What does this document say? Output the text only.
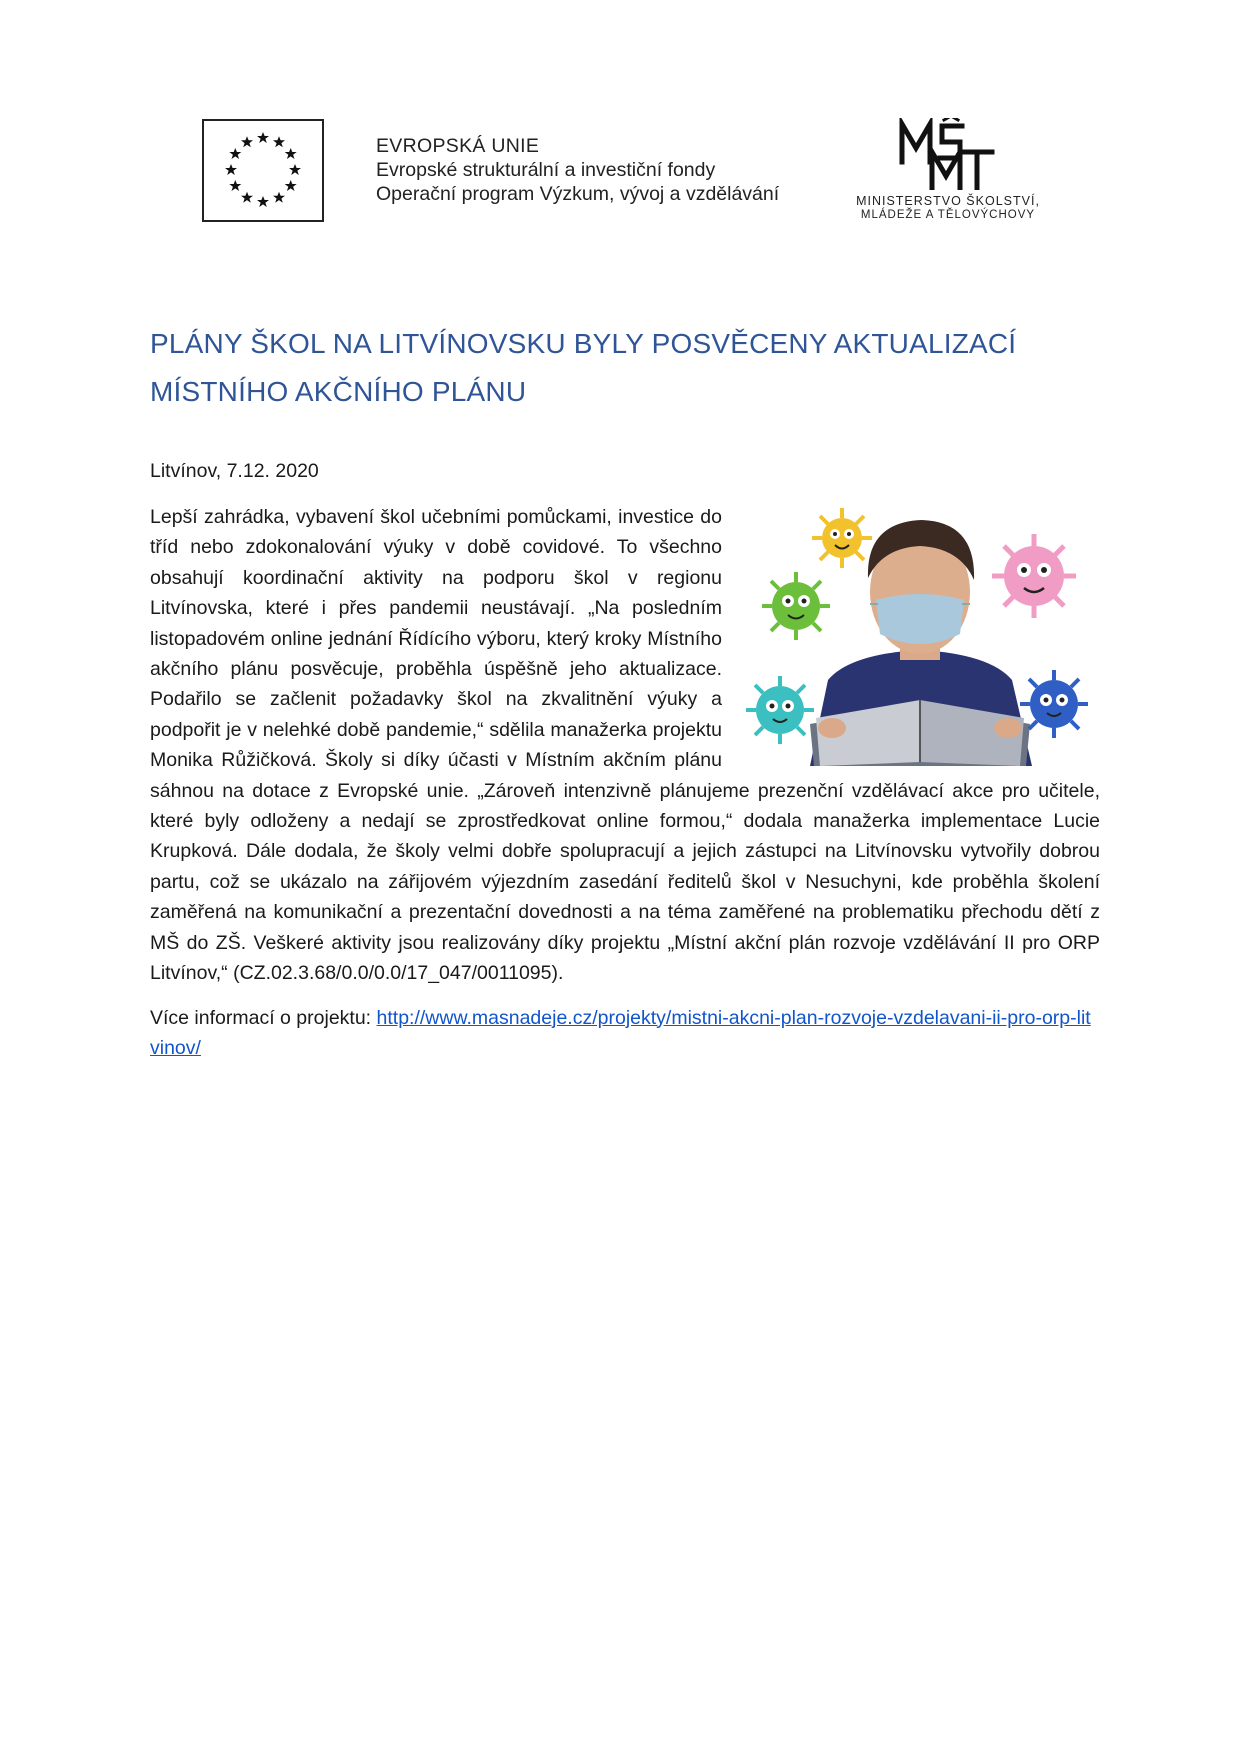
EVROPSKÁ UNIE
Evropské strukturální a investiční fondy
Operační program Výzkum, vývoj a vzdělávání	MINISTERSTVO ŠKOLSTVÍ,
MLÁDEŽE A TĚLOVÝCHOVY
PLÁNY ŠKOL NA LITVÍNOVSKU BYLY POSVĚCENY AKTUALIZACÍ
MÍSTNÍHO AKČNÍHO PLÁNU
Litvínov, 7.12. 2020

Lepší zahrádka, vybavení škol učebními pomůckami, investice do tříd nebo zdokonalování výuky v době covidové. To všechno obsahují koordinační aktivity na podporu škol v regionu Litvínovska, které i přes pandemii neustávají. „Na posledním listopadovém online jednání Řídícího výboru, který kroky Místního akčního plánu posvěcuje, proběhla úspěšně jeho aktualizace. Podařilo se začlenit požadavky škol na zkvalitnění výuky a podpořit je v nelehké době pandemie,“ sdělila manažerka projektu Monika Růžičková. Školy si díky účasti v Místním akčním plánu sáhnou na dotace z Evropské unie. „Zároveň intenzivně plánujeme prezenční vzdělávací akce pro učitele, které byly odloženy a nedají se zprostředkovat online formou,“ dodala manažerka implementace Lucie Krupková. Dále dodala, že školy velmi dobře spolupracují a jejich zástupci na Litvínovsku vytvořily dobrou partu, což se ukázalo na zářijovém výjezdním zasedání ředitelů škol v Nesuchyni, kde proběhla školení zaměřená na komunikační a prezentační dovednosti a na téma zaměřené na problematiku přechodu dětí z MŠ do ZŠ. Veškeré aktivity jsou realizovány díky projektu „Místní akční plán rozvoje vzdělávání II pro ORP Litvínov,“ (CZ.02.3.68/0.0/0.0/17_047/0011095).

Více informací o projektu: http://www.masnadeje.cz/projekty/mistni-akcni-plan-rozvoje-vzdelavani-ii-pro-orp-litvinov/
